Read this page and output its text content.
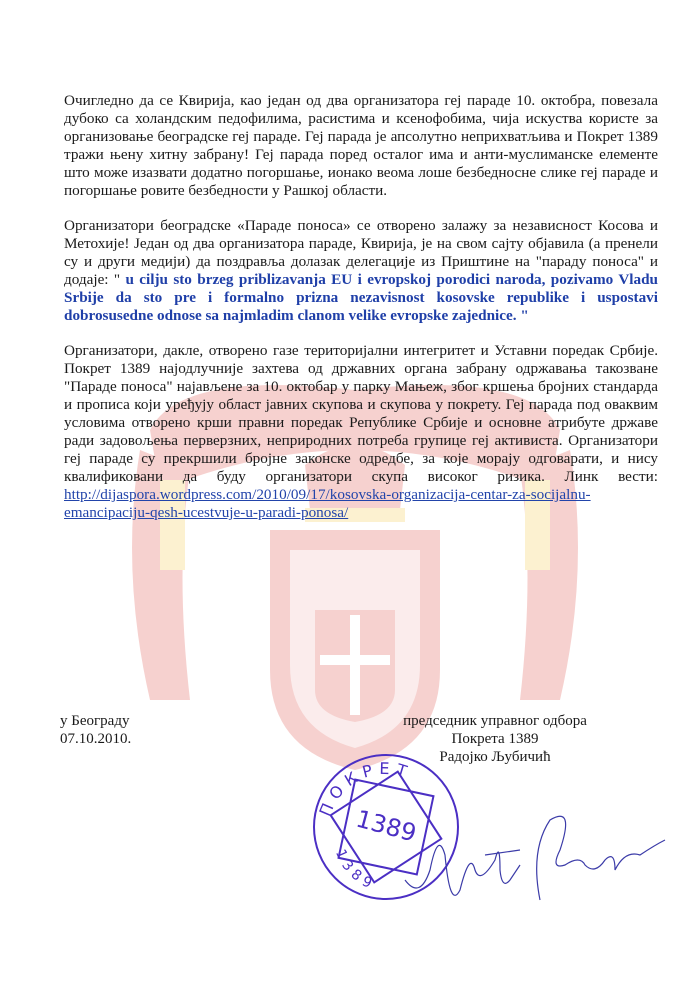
Очигледно да се Квирија, као један од два организатора геј параде 10. октобра, повезала дубоко са холандским педофилима, расистима и ксенофобима, чија искуства користе за организовање београдске геј параде. Геј парада је апсолутно неприхватљива и Покрет 1389 тражи њену хитну забрану! Геј парада поред осталог има и анти-муслиманске елементе што може изазвати додатно погоршање, ионако веома лоше безбедносне слике геј параде и погоршање ровите безбедности у Рашкој области.

Организатори београдске «Параде поноса» се отворено залажу за независност Косова и Метохије! Један од два организатора параде, Квирија, је на свом сајту објавила (а пренели су и други медији) да поздравља долазак делегације из Приштине на "параду поноса" и додаје: " u cilju sto brzeg priblizavanja EU i evropskoj porodici naroda, pozivamo Vladu Srbije da sto pre i formalno prizna nezavisnost kosovske republike i uspostavi dobrosusedne odnose sa najmladim clanom velike evropske zajednice. "

Организатори, дакле, отворено газе територијални интегритет и Уставни поредак Србије. Покрет 1389 најодлучније захтева од државних органа забрану одржавања такозване "Параде поноса" најављене за 10. октобар у парку Мањеж, због кршења бројних стандарда и прописа који уређују област јавних скупова и скупова у покрету. Геј парада под оваквим условима отворено крши правни поредак Републике Србије и основне атрибуте државе ради задовољења перверзних, неприродних потреба групице геј активиста. Организатори геј параде су прекршили бројне законске одредбе, за које морају одговарати, и нису квалификовани да буду организатори скупа високог ризика. Линк вести: http://dijaspora.wordpress.com/2010/09/17/kosovska-organizacija-centar-za-socijalnu-emancipaciju-qesh-ucestvuje-u-paradi-ponosa/

у Београду
07.10.2010.
председник управног одбора
Покрета 1389
Радојко Љубичић
ПОКРЕТ
1389
1389
